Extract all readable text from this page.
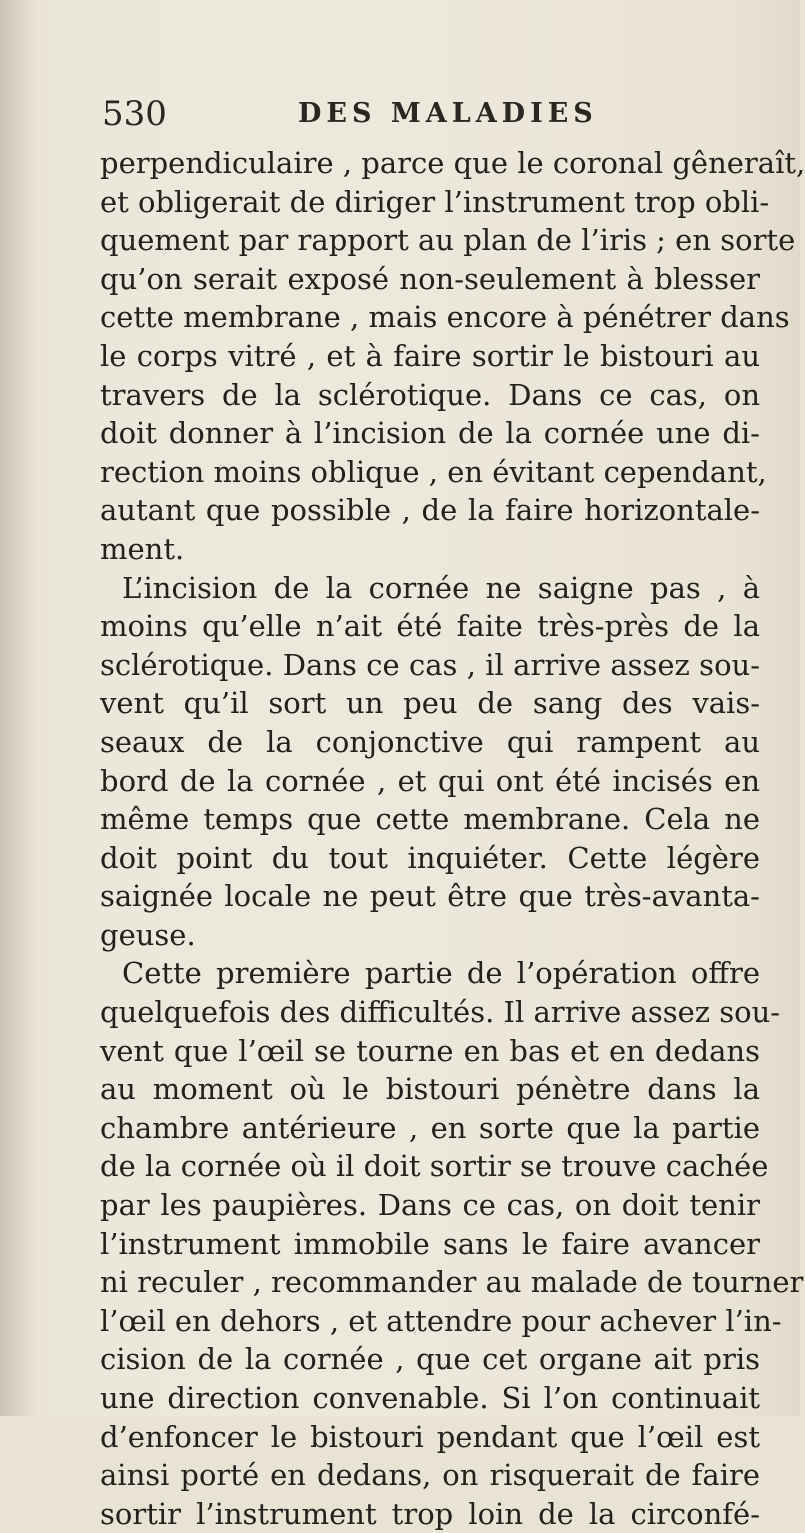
530	DES MALADIES
perpendiculaire , parce que le coronal gêneraît,
et obligerait de diriger l’instrument trop obli-
quement par rapport au plan de l’iris ; en sorte
qu’on serait exposé non-seulement à blesser
cette membrane , mais encore à pénétrer dans
le corps vitré , et à faire sortir le bistouri au
travers de la sclérotique. Dans ce cas, on
doit donner à l’incision de la cornée une di-
rection moins oblique , en évitant cependant,
autant que possible , de la faire horizontale-
ment.
L’incision de la cornée ne saigne pas , à
moins qu’elle n’ait été faite très-près de la
sclérotique. Dans ce cas , il arrive assez sou-
vent qu’il sort un peu de sang des vais-
seaux de la conjonctive qui rampent au
bord de la cornée , et qui ont été incisés en
même temps que cette membrane. Cela ne
doit point du tout inquiéter. Cette légère
saignée locale ne peut être que très-avanta-
geuse.
Cette première partie de l’opération offre
quelquefois des difficultés. Il arrive assez sou-
vent que l’œil se tourne en bas et en dedans
au moment où le bistouri pénètre dans la
chambre antérieure , en sorte que la partie
de la cornée où il doit sortir se trouve cachée
par les paupières. Dans ce cas, on doit tenir
l’instrument immobile sans le faire avancer
ni reculer , recommander au malade de tourner
l’œil en dehors , et attendre pour achever l’in-
cision de la cornée , que cet organe ait pris
une direction convenable. Si l’on continuait
d’enfoncer le bistouri pendant que l’œil est
ainsi porté en dedans, on risquerait de faire
sortir l’instrument trop loin de la circonfé-
